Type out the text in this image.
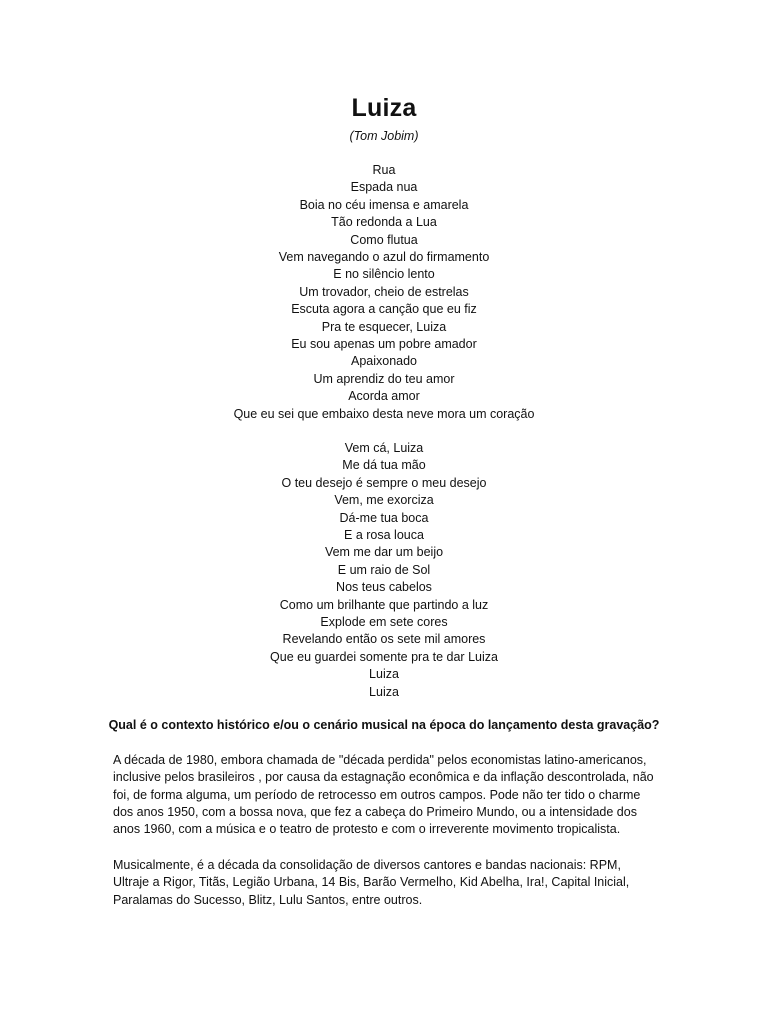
Luiza
(Tom Jobim)
Rua
Espada nua
Boia no céu imensa e amarela
Tão redonda a Lua
Como flutua
Vem navegando o azul do firmamento
E no silêncio lento
Um trovador, cheio de estrelas
Escuta agora a canção que eu fiz
Pra te esquecer, Luiza
Eu sou apenas um pobre amador
Apaixonado
Um aprendiz do teu amor
Acorda amor
Que eu sei que embaixo desta neve mora um coração
Vem cá, Luiza
Me dá tua mão
O teu desejo é sempre o meu desejo
Vem, me exorciza
Dá-me tua boca
E a rosa louca
Vem me dar um beijo
E um raio de Sol
Nos teus cabelos
Como um brilhante que partindo a luz
Explode em sete cores
Revelando então os sete mil amores
Que eu guardei somente pra te dar Luiza
Luiza
Luiza
Qual é o contexto histórico e/ou o cenário musical na época do lançamento desta gravação?
A década de 1980, embora chamada de "década perdida" pelos economistas latino-americanos,
inclusive pelos brasileiros , por causa da estagnação econômica e da inflação descontrolada, não
foi, de forma alguma, um período de retrocesso em outros campos. Pode não ter tido o charme
dos anos 1950, com a bossa nova, que fez a cabeça do Primeiro Mundo, ou a intensidade dos
anos 1960, com a música e o teatro de protesto e com o irreverente movimento tropicalista.
Musicalmente, é a década da consolidação de diversos cantores e bandas nacionais: RPM,
Ultraje a Rigor, Titãs, Legião Urbana, 14 Bis, Barão Vermelho, Kid Abelha, Ira!, Capital Inicial,
Paralamas do Sucesso, Blitz, Lulu Santos, entre outros.
